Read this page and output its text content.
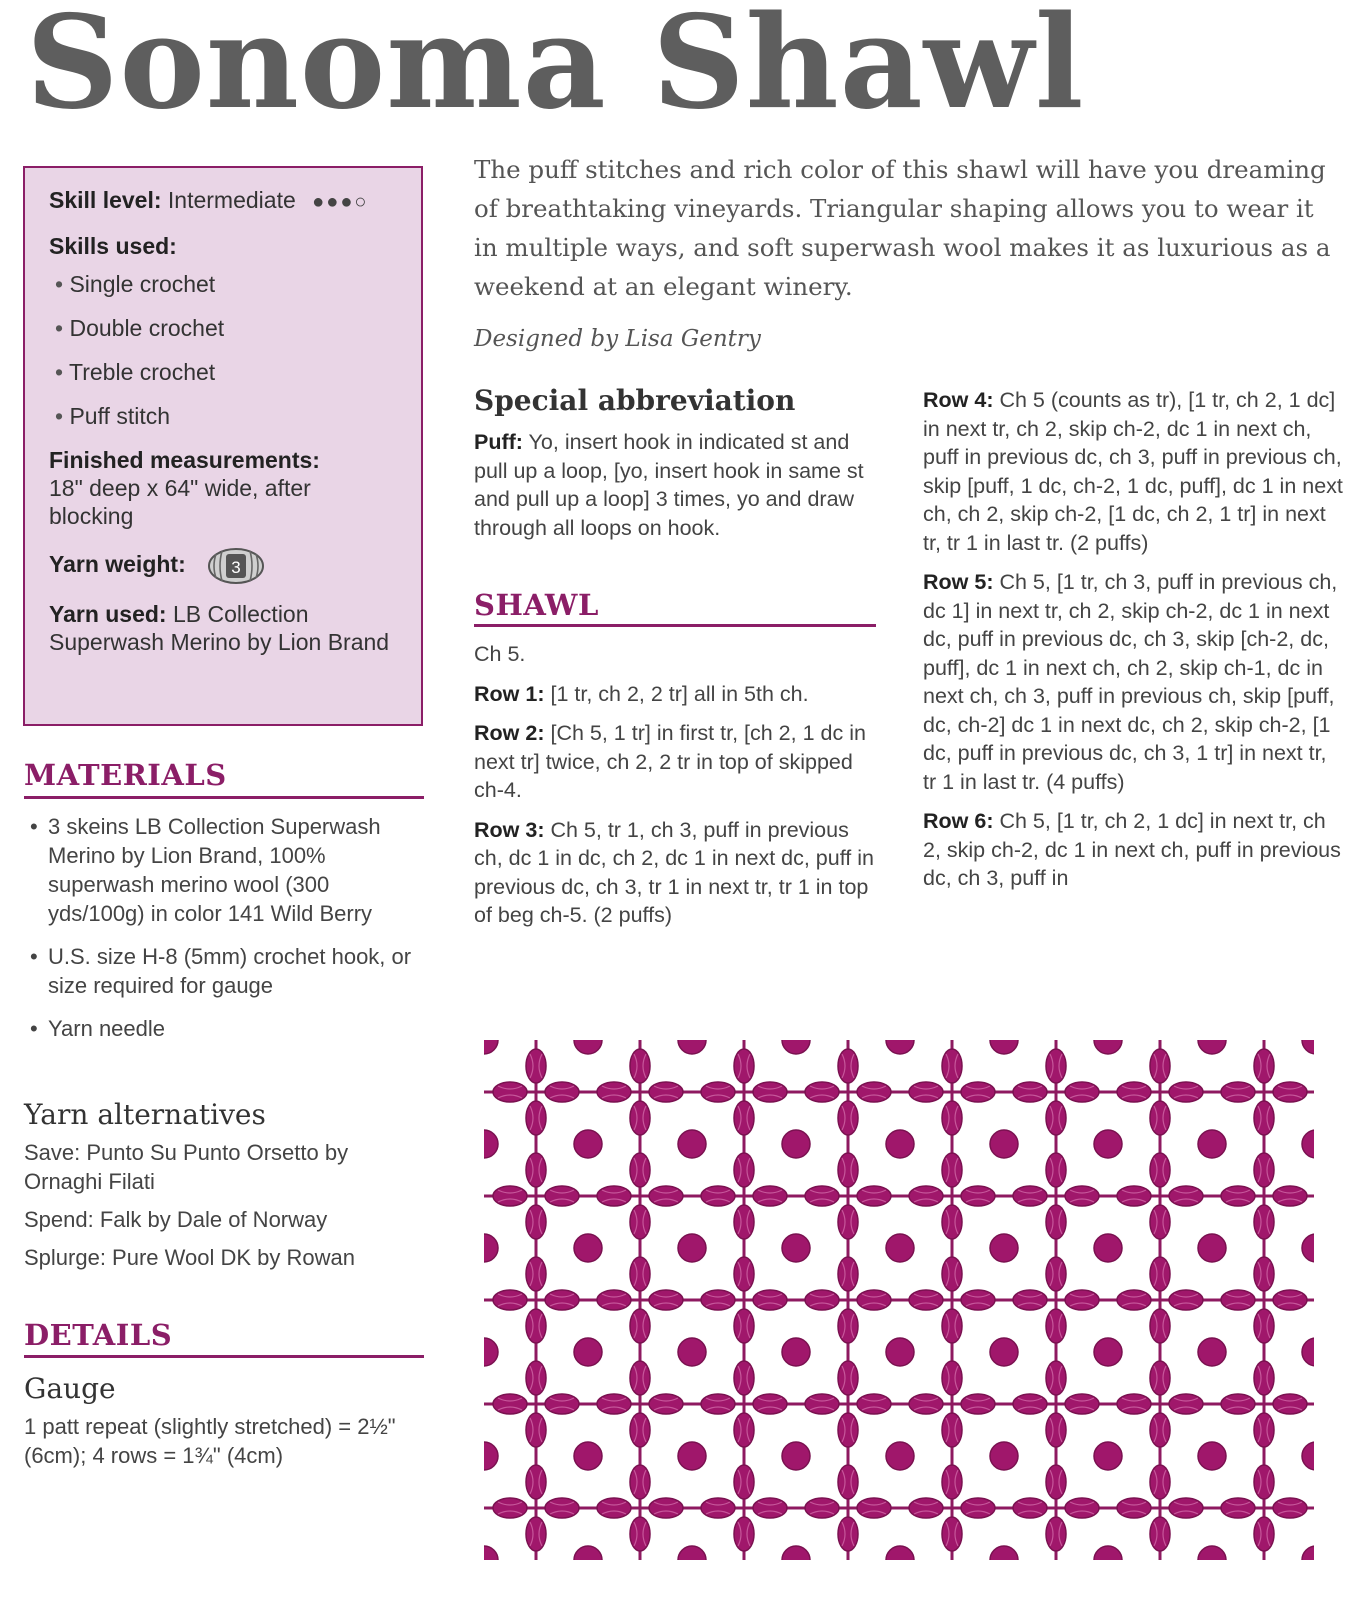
Sonoma Shawl
Skill level: Intermediate ●●●○
Skills used:
• Single crochet
• Double crochet
• Treble crochet
• Puff stitch
Finished measurements:
18" deep x 64" wide, after blocking
Yarn weight:	3
Yarn used: LB Collection Superwash Merino by Lion Brand
MATERIALS
• 3 skeins LB Collection Superwash Merino by Lion Brand, 100% superwash merino wool (300 yds/100g) in color 141 Wild Berry
• U.S. size H-8 (5mm) crochet hook, or size required for gauge
• Yarn needle
Yarn alternatives

Save: Punto Su Punto Orsetto by Ornaghi Filati

Spend: Falk by Dale of Norway

Splurge: Pure Wool DK by Rowan

DETAILS
Gauge
1 patt repeat (slightly stretched) = 2½" (6cm); 4 rows = 1¾" (4cm)
The puff stitches and rich color of this shawl will have you dreaming of breathtaking vineyards. Triangular shaping allows you to wear it in multiple ways, and soft superwash wool makes it as luxurious as a weekend at an elegant winery.
Designed by Lisa Gentry
Special abbreviation

Puff: Yo, insert hook in indicated st and pull up a loop, [yo, insert hook in same st and pull up a loop] 3 times, yo and draw through all loops on hook.

SHAWL

Ch 5.

Row 1: [1 tr, ch 2, 2 tr] all in 5th ch.

Row 2: [Ch 5, 1 tr] in first tr, [ch 2, 1 dc in next tr] twice, ch 2, 2 tr in top of skipped ch-4.

Row 3: Ch 5, tr 1, ch 3, puff in previous ch, dc 1 in dc, ch 2, dc 1 in next dc, puff in previous dc, ch 3, tr 1 in next tr, tr 1 in top of beg ch-5. (2 puffs)

Row 4: Ch 5 (counts as tr), [1 tr, ch 2, 1 dc] in next tr, ch 2, skip ch-2, dc 1 in next ch, puff in previous dc, ch 3, puff in previous ch, skip [puff, 1 dc, ch-2, 1 dc, puff], dc 1 in next ch, ch 2, skip ch-2, [1 dc, ch 2, 1 tr] in next tr, tr 1 in last tr. (2 puffs)

Row 5: Ch 5, [1 tr, ch 3, puff in previous ch, dc 1] in next tr, ch 2, skip ch-2, dc 1 in next dc, puff in previous dc, ch 3, skip [ch-2, dc, puff], dc 1 in next ch, ch 2, skip ch-1, dc in next ch, ch 3, puff in previous ch, skip [puff, dc, ch-2] dc 1 in next dc, ch 2, skip ch-2, [1 dc, puff in previous dc, ch 3, 1 tr] in next tr, tr 1 in last tr. (4 puffs)

Row 6: Ch 5, [1 tr, ch 2, 1 dc] in next tr, ch 2, skip ch-2, dc 1 in next ch, puff in previous dc, ch 3, puff in
